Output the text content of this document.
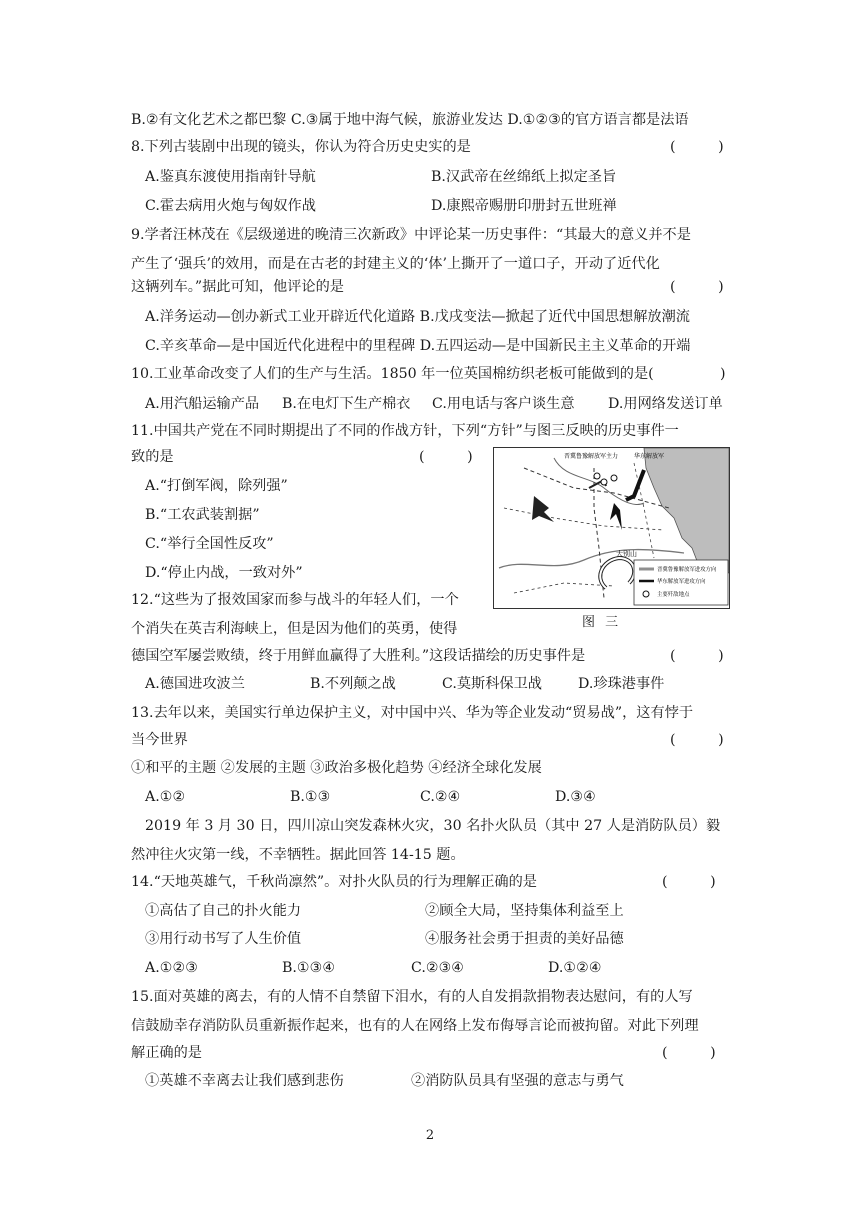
B.②有文化艺术之都巴黎 C.③属于地中海气候，旅游业发达 D.①②③的官方语言都是法语
8.下列古装剧中出现的镜头，你认为符合历史史实的是	(　　　)
A.鉴真东渡使用指南针导航	B.汉武帝在丝绵纸上拟定圣旨
C.霍去病用火炮与匈奴作战	D.康熙帝赐册印册封五世班禅
9.学者汪林茂在《层级递进的晚清三次新政》中评论某一历史事件：“其最大的意义并不是
产生了‘强兵’的效用，而是在古老的封建主义的‘体’上撕开了一道口子，开动了近代化
这辆列车。”据此可知，他评论的是	(　　　)
A.洋务运动—创办新式工业开辟近代化道路 B.戊戌变法—掀起了近代中国思想解放潮流
C.辛亥革命—是中国近代化进程中的里程碑 D.五四运动—是中国新民主主义革命的开端
10.工业革命改变了人们的生产与生活。1850 年一位英国棉纺织老板可能做到的是(	)
A.用汽船运输产品 B.在电灯下生产棉衣 C.用电话与客户谈生意 D.用网络发送订单
11.中国共产党在不同时期提出了不同的作战方针，下列“方针”与图三反映的历史事件一
致的是	(　　　)
A.“打倒军阀，除列强”
B.“工农武装割据”
C.“举行全国性反攻”
D.“停止内战，一致对外”
晋冀鲁豫解放军主力	华东解放军
大别山
晋冀鲁豫解放军进攻方向
华东解放军进攻方向
主要歼敌地点
图 三
12.“这些为了报效国家而参与战斗的年轻人们，一个
个消失在英吉利海峡上，但是因为他们的英勇，使得
德国空军屡尝败绩，终于用鲜血赢得了大胜利。”这段话描绘的历史事件是	(　　　)
A.德国进攻波兰	B.不列颠之战	C.莫斯科保卫战	D.珍珠港事件
13.去年以来，美国实行单边保护主义，对中国中兴、华为等企业发动“贸易战”，这有悖于
当今世界	(　　　)
①和平的主题 ②发展的主题 ③政治多极化趋势 ④经济全球化发展
A.①②	B.①③	C.②④	D.③④
2019 年 3 月 30 日，四川凉山突发森林火灾，30 名扑火队员（其中 27 人是消防队员）毅
然冲往火灾第一线，不幸牺牲。据此回答 14-15 题。
14.“天地英雄气，千秋尚凛然”。对扑火队员的行为理解正确的是	(　　　)
①高估了自己的扑火能力	②顾全大局，坚持集体利益至上
③用行动书写了人生价值	④服务社会勇于担责的美好品德
A.①②③	B.①③④	C.②③④	D.①②④
15.面对英雄的离去，有的人情不自禁留下泪水，有的人自发捐款捐物表达慰问，有的人写
信鼓励幸存消防队员重新振作起来，也有的人在网络上发布侮辱言论而被拘留。对此下列理
解正确的是	(　　　)
①英雄不幸离去让我们感到悲伤	②消防队员具有坚强的意志与勇气
2
